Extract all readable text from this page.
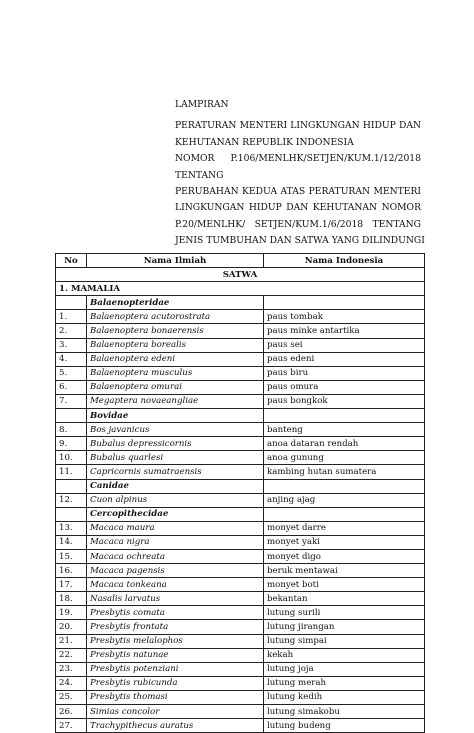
LAMPIRAN
PERATURAN MENTERI LINGKUNGAN HIDUP DAN
KEHUTANAN REPUBLIK INDONESIA
NOMOR P.106/MENLHK/SETJEN/KUM.1/12/2018
TENTANG
PERUBAHAN KEDUA ATAS PERATURAN MENTERI
LINGKUNGAN HIDUP DAN KEHUTANAN NOMOR
P.20/MENLHK/ SETJEN/KUM.1/6/2018 TENTANG
JENIS TUMBUHAN DAN SATWA YANG DILINDUNGI
No	Nama Ilmiah	Nama Indonesia
SATWA		
1. MAMALIA		
	Balaenopteridae	
1.	Balaenoptera acutorostrata	paus tombak
2.	Balaenoptera bonaerensis	paus minke antartika
3.	Balaenoptera borealis	paus sei
4.	Balaenoptera edeni	paus edeni
5.	Balaenoptera musculus	paus biru
6.	Balaenoptera omurai	paus omura
7.	Megaptera novaeangliae	paus bongkok
	Bovidae	
8.	Bos javanicus	banteng
9.	Bubalus depressicornis	anoa dataran rendah
10.	Bubalus quarlesi	anoa gunung
11.	Capricornis sumatraensis	kambing hutan sumatera
	Canidae	
12.	Cuon alpinus	anjing ajag
	Cercopithecidae	
13.	Macaca maura	monyet darre
14.	Macaca nigra	monyet yaki
15.	Macaca ochreata	monyet digo
16.	Macaca pagensis	beruk mentawai
17.	Macaca tonkeana	monyet boti
18.	Nasalis larvatus	bekantan
19.	Presbytis comata	lutung surili
20.	Presbytis frontata	lutung jirangan
21.	Presbytis melalophos	lutung simpai
22.	Presbytis natunae	kekah
23.	Presbytis potenziani	lutung joja
24.	Presbytis rubicunda	lutung merah
25.	Presbytis thomasi	lutung kedih
26.	Simias concolor	lutung simakobu
27.	Trachypithecus auratus	lutung budeng
